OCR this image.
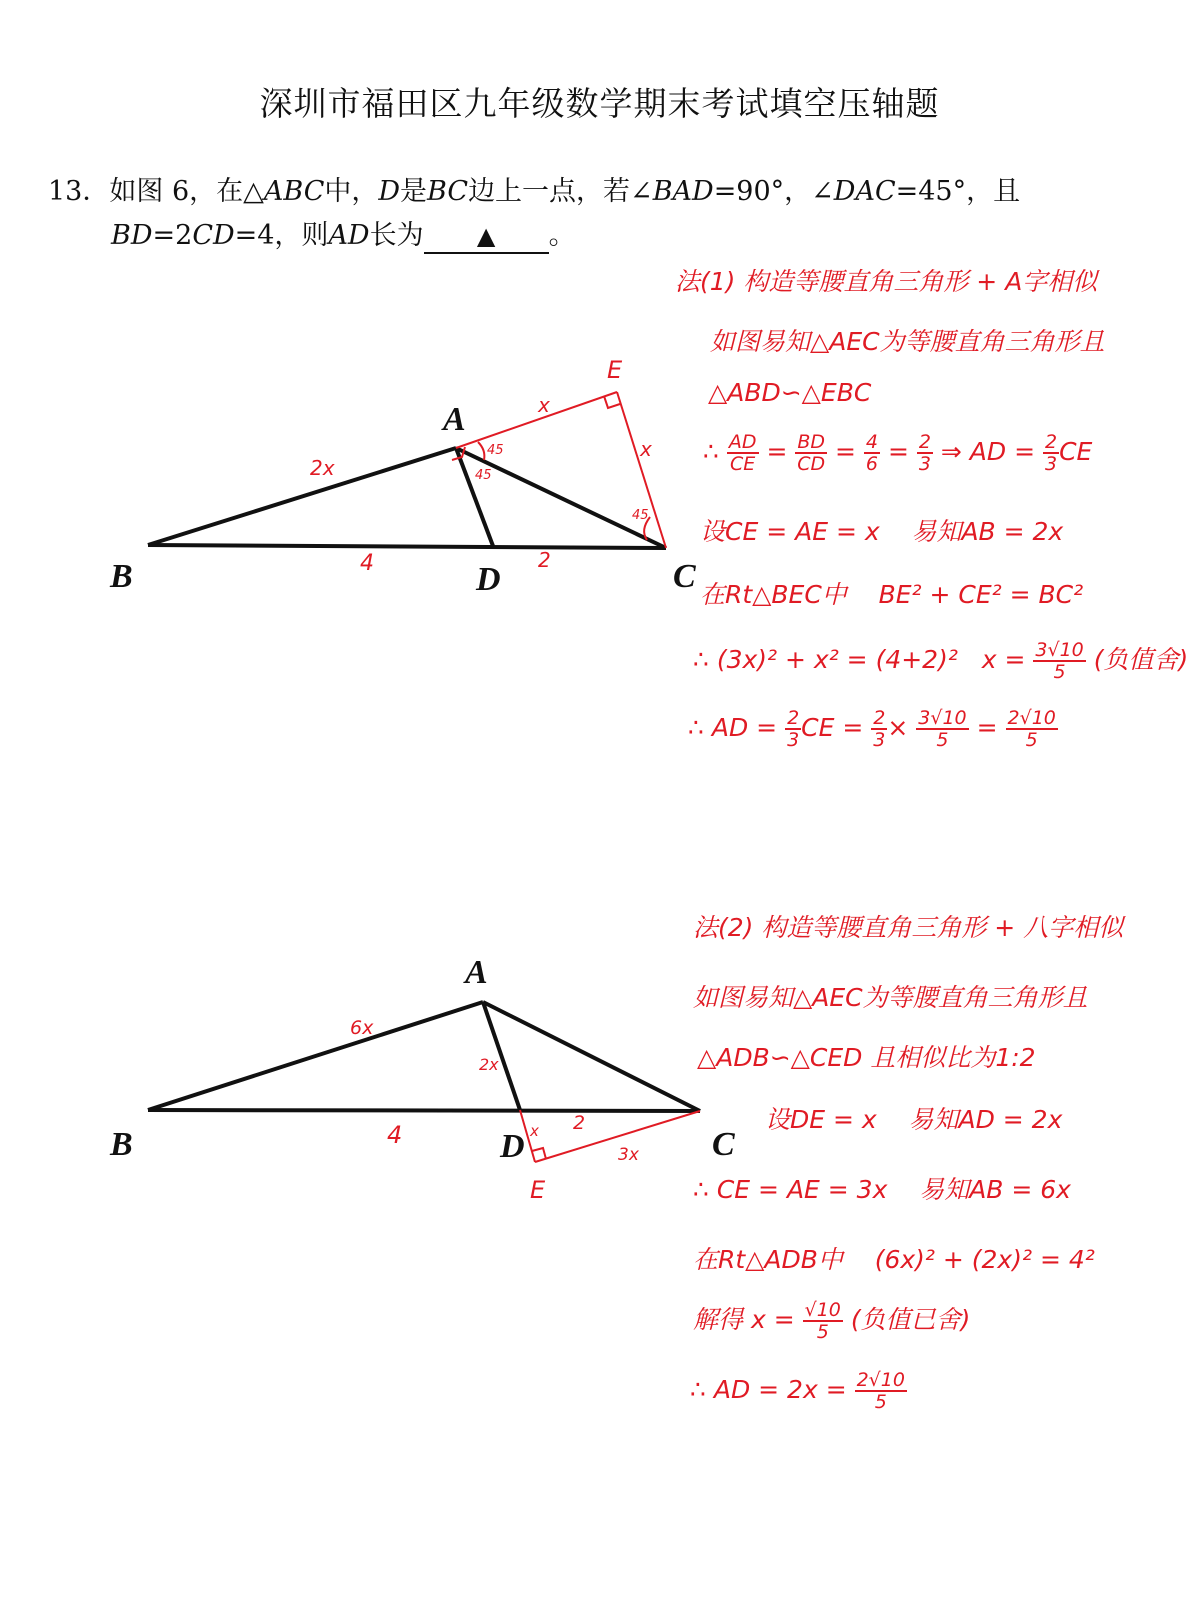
深圳市福田区九年级数学期末考试填空压轴题
13．如图 6，在△ABC中，D是BC边上一点，若∠BAD=90°，∠DAC=45°，且
BD=2CD=4，则AD长为 ▲ 。
A
B	C
D
E
2x
4	2
x
x
45
45
45
A
B	C
D
E
6x
2x
4	2
x
3x
法(1) 构造等腰直角三角形 + A字相似
如图易知△AEC为等腰直角三角形且
△ABD∽△EBC
∴ $\frac{AD}{CE} = \frac{BD}{CD} = \frac{4}{6} = \frac{2}{3}$ ⇒ AD = $\frac{2}{3}$ CE
设CE = AE = x 易知AB = 2x
在Rt△BEC中 BE² + CE² = BC²
∴ (3x)² + x² = (4+2)² $x = \frac{3√10}{5}$ (负值舍)
∴ AD = $\frac{2}{3}$ CE = $\frac{2}{3} \times \frac{3√10}{5} = \frac{2√10}{5}$
法(2) 构造等腰直角三角形 + 八字相似
如图易知△AEC为等腰直角三角形且
△ADB∽△CED 且相似比为1:2
设DE = x 易知AD = 2x
∴ CE = AE = 3x 易知AB = 6x
在Rt△ADB中 (6x)² + (2x)² = 4²
解得 $x = \frac{√10}{5}$ (负值已舍)
∴ AD = $2x = \frac{2√10}{5}$
